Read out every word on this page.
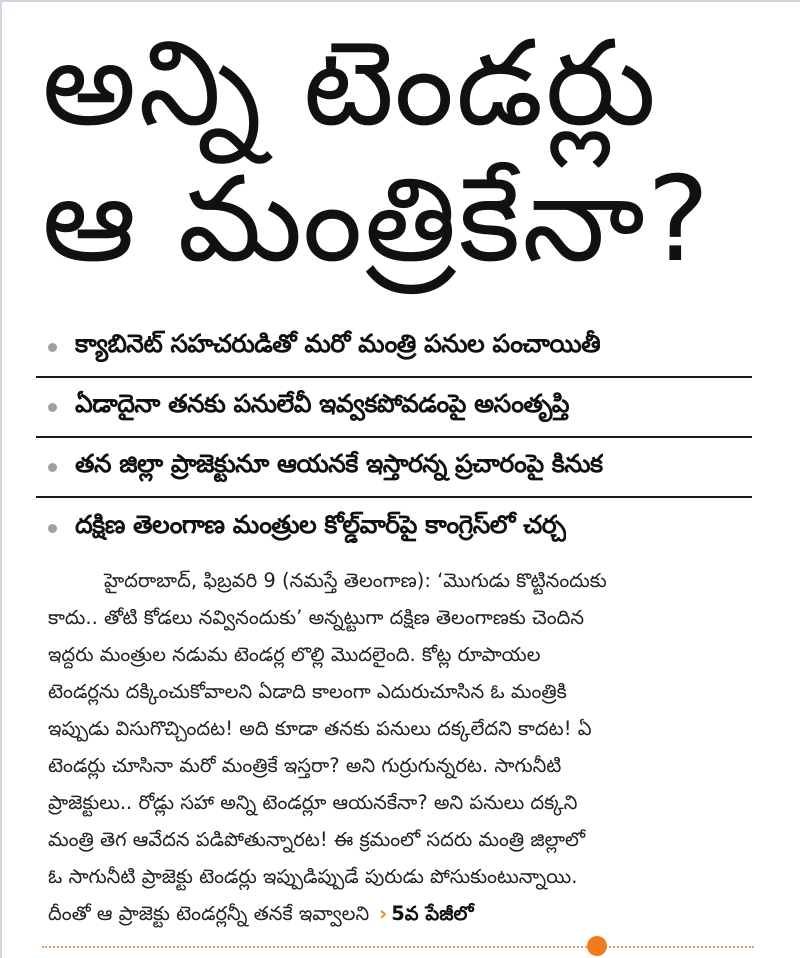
అన్ని టెండర్లు
ఆ మంత్రికేనా?
క్యాబినెట్ సహచరుడితో మరో మంత్రి పనుల పంచాయితీ
ఏడాదైనా తనకు పనులేవీ ఇవ్వకపోవడంపై అసంతృప్తి
తన జిల్లా ప్రాజెక్టునూ ఆయనకే ఇస్తారన్న ప్రచారంపై కినుక
దక్షిణ తెలంగాణ మంత్రుల కోల్డ్‌వార్‌పై కాంగ్రెస్‌లో చర్చ
హైదరాబాద్, ఫిబ్రవరి 9 (నమస్తే తెలంగాణ): ‘మొగుడు కొట్టినందుకు
కాదు.. తోటి కోడలు నవ్వినందుకు’ అన్నట్టుగా దక్షిణ తెలంగాణకు చెందిన
ఇద్దరు మంత్రుల నడుమ టెండర్ల లొల్లి మొదలైంది. కోట్ల రూపాయల
టెండర్లను దక్కించుకోవాలని ఏడాది కాలంగా ఎదురుచూసిన ఓ మంత్రికి
ఇప్పుడు విసుగొచ్చిందట! అది కూడా తనకు పనులు దక్కలేదని కాదట! ఏ
టెండర్లు చూసినా మరో మంత్రికే ఇస్తరా? అని గుర్రుగున్నరట. సాగునీటి
ప్రాజెక్టులు.. రోడ్లు సహా అన్ని టెండర్లూ ఆయనకేనా? అని పనులు దక్కని
మంత్రి తెగ ఆవేదన పడిపోతున్నారట! ఈ క్రమంలో సదరు మంత్రి జిల్లాలో
ఓ సాగునీటి ప్రాజెక్టు టెండర్లు ఇప్పుడిప్పుడే పురుడు పోసుకుంటున్నాయి.
దీంతో ఆ ప్రాజెక్టు టెండర్లన్నీ తనకే ఇవ్వాలని › 5వ పేజీలో
